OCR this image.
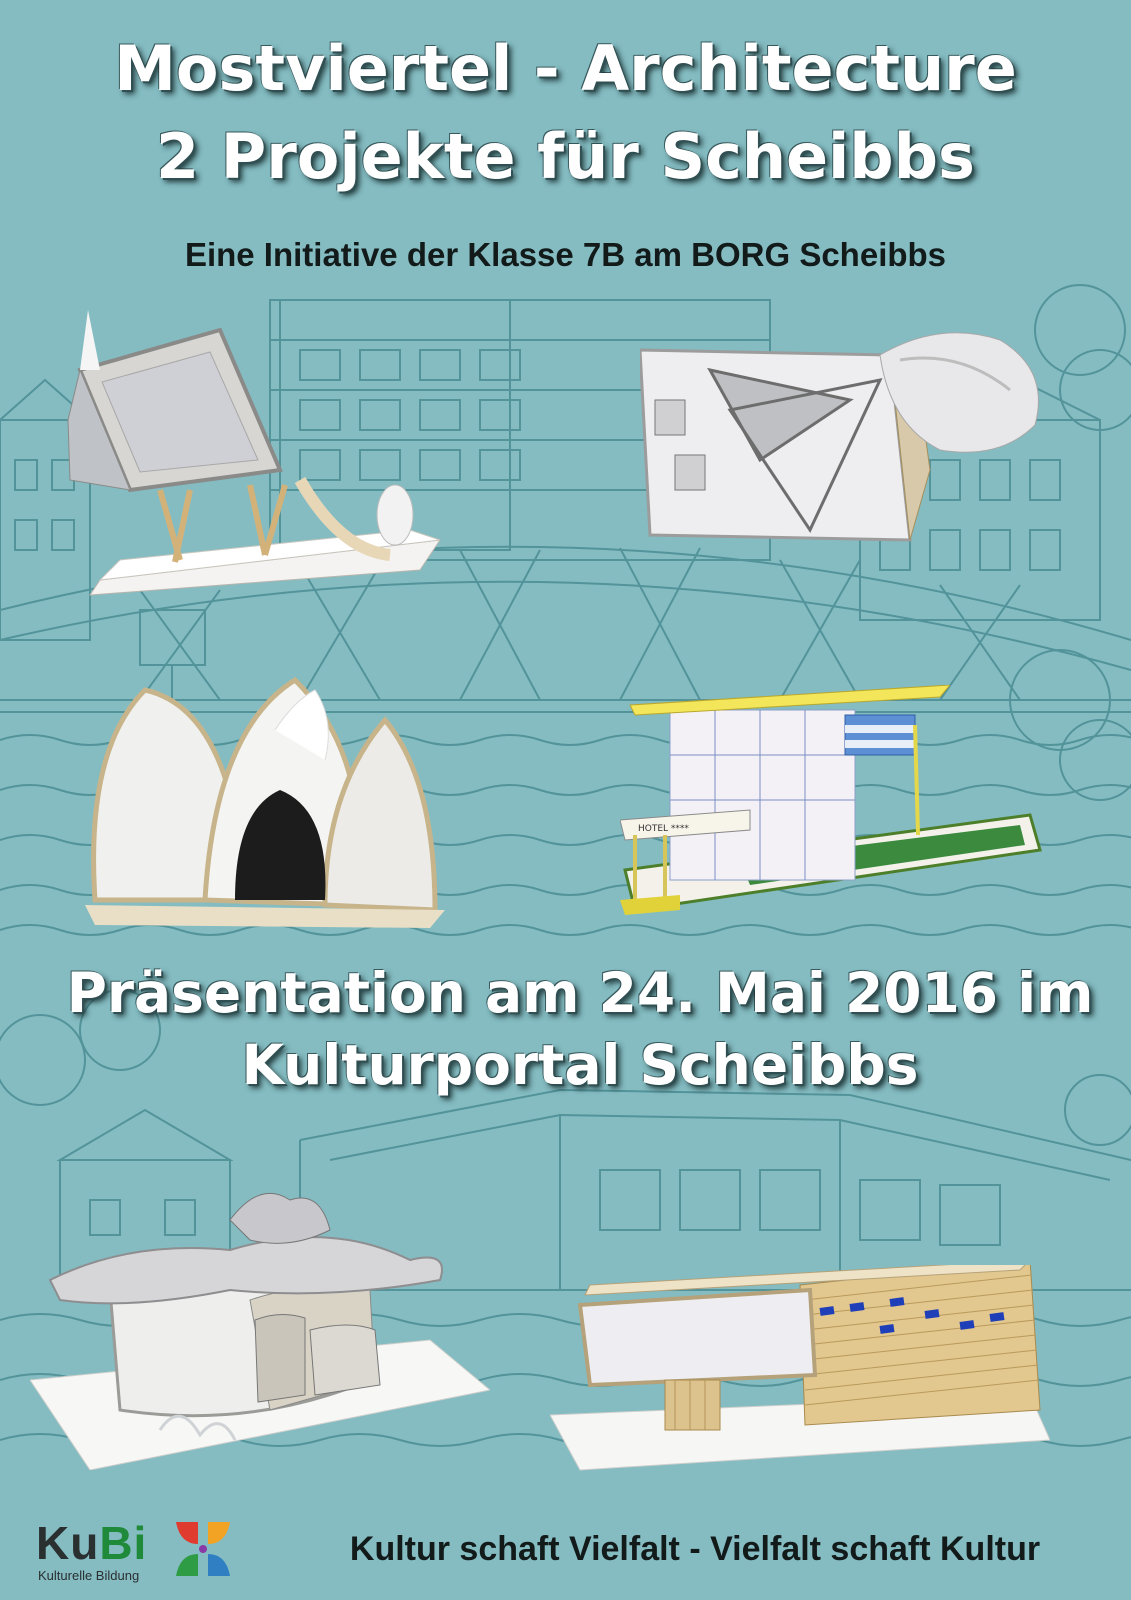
Mostviertel - Architecture
2 Projekte für Scheibbs
Eine Initiative der Klasse 7B am BORG Scheibbs
HOTEL ****
Präsentation am 24. Mai 2016 im
Kulturportal Scheibbs
KuBi
Kulturelle Bildung
Kultur schaft Vielfalt - Vielfalt schaft Kultur
